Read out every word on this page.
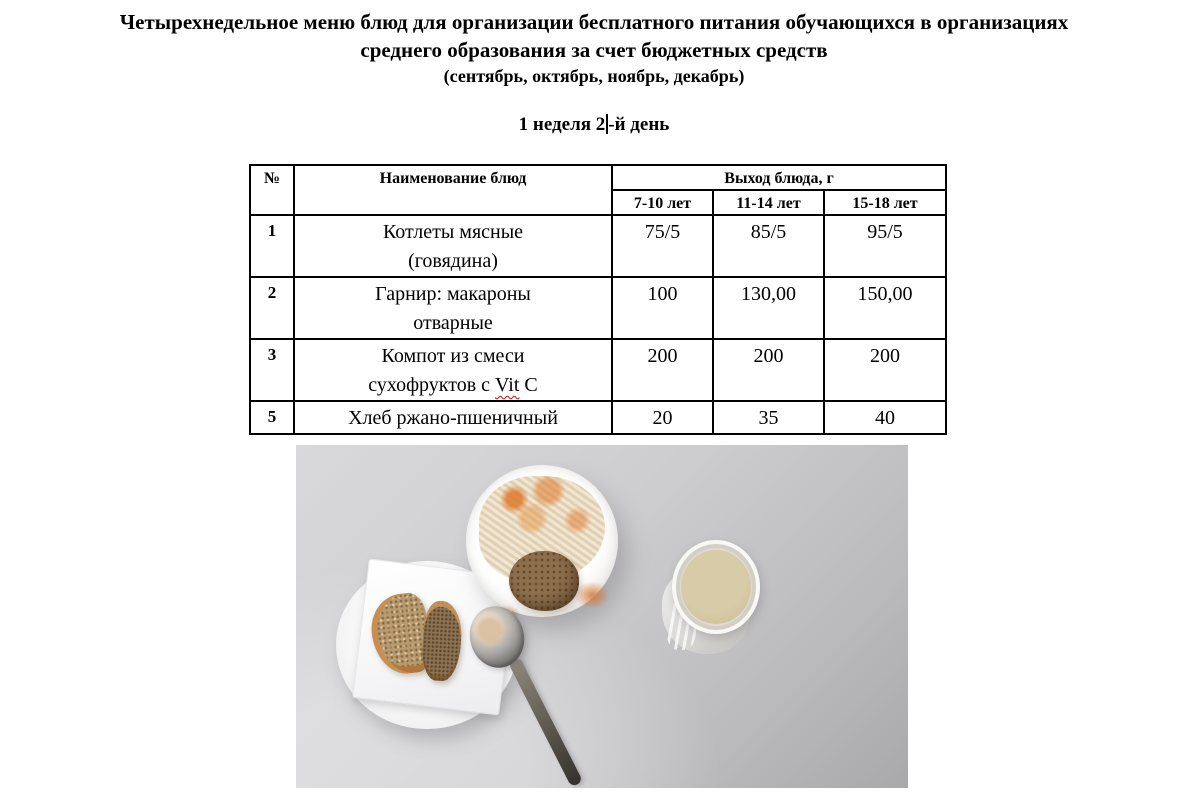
Четырехнедельное меню блюд для организации бесплатного питания обучающихся в организациях
среднего образования за счет бюджетных средств
(сентябрь, октябрь, ноябрь, декабрь)
1 неделя 2 -й день
№	Наименование блюд	Выход блюда, г		
		7-10 лет	11-14 лет	15-18 лет
1	Котлеты мясные
(говядина)	75/5	85/5	95/5
2	Гарнир: макароны
отварные	100	130,00	150,00
3	Компот из смеси
сухофруктов с Vit C	200	200	200
5	Хлеб ржано-пшеничный	20	35	40
